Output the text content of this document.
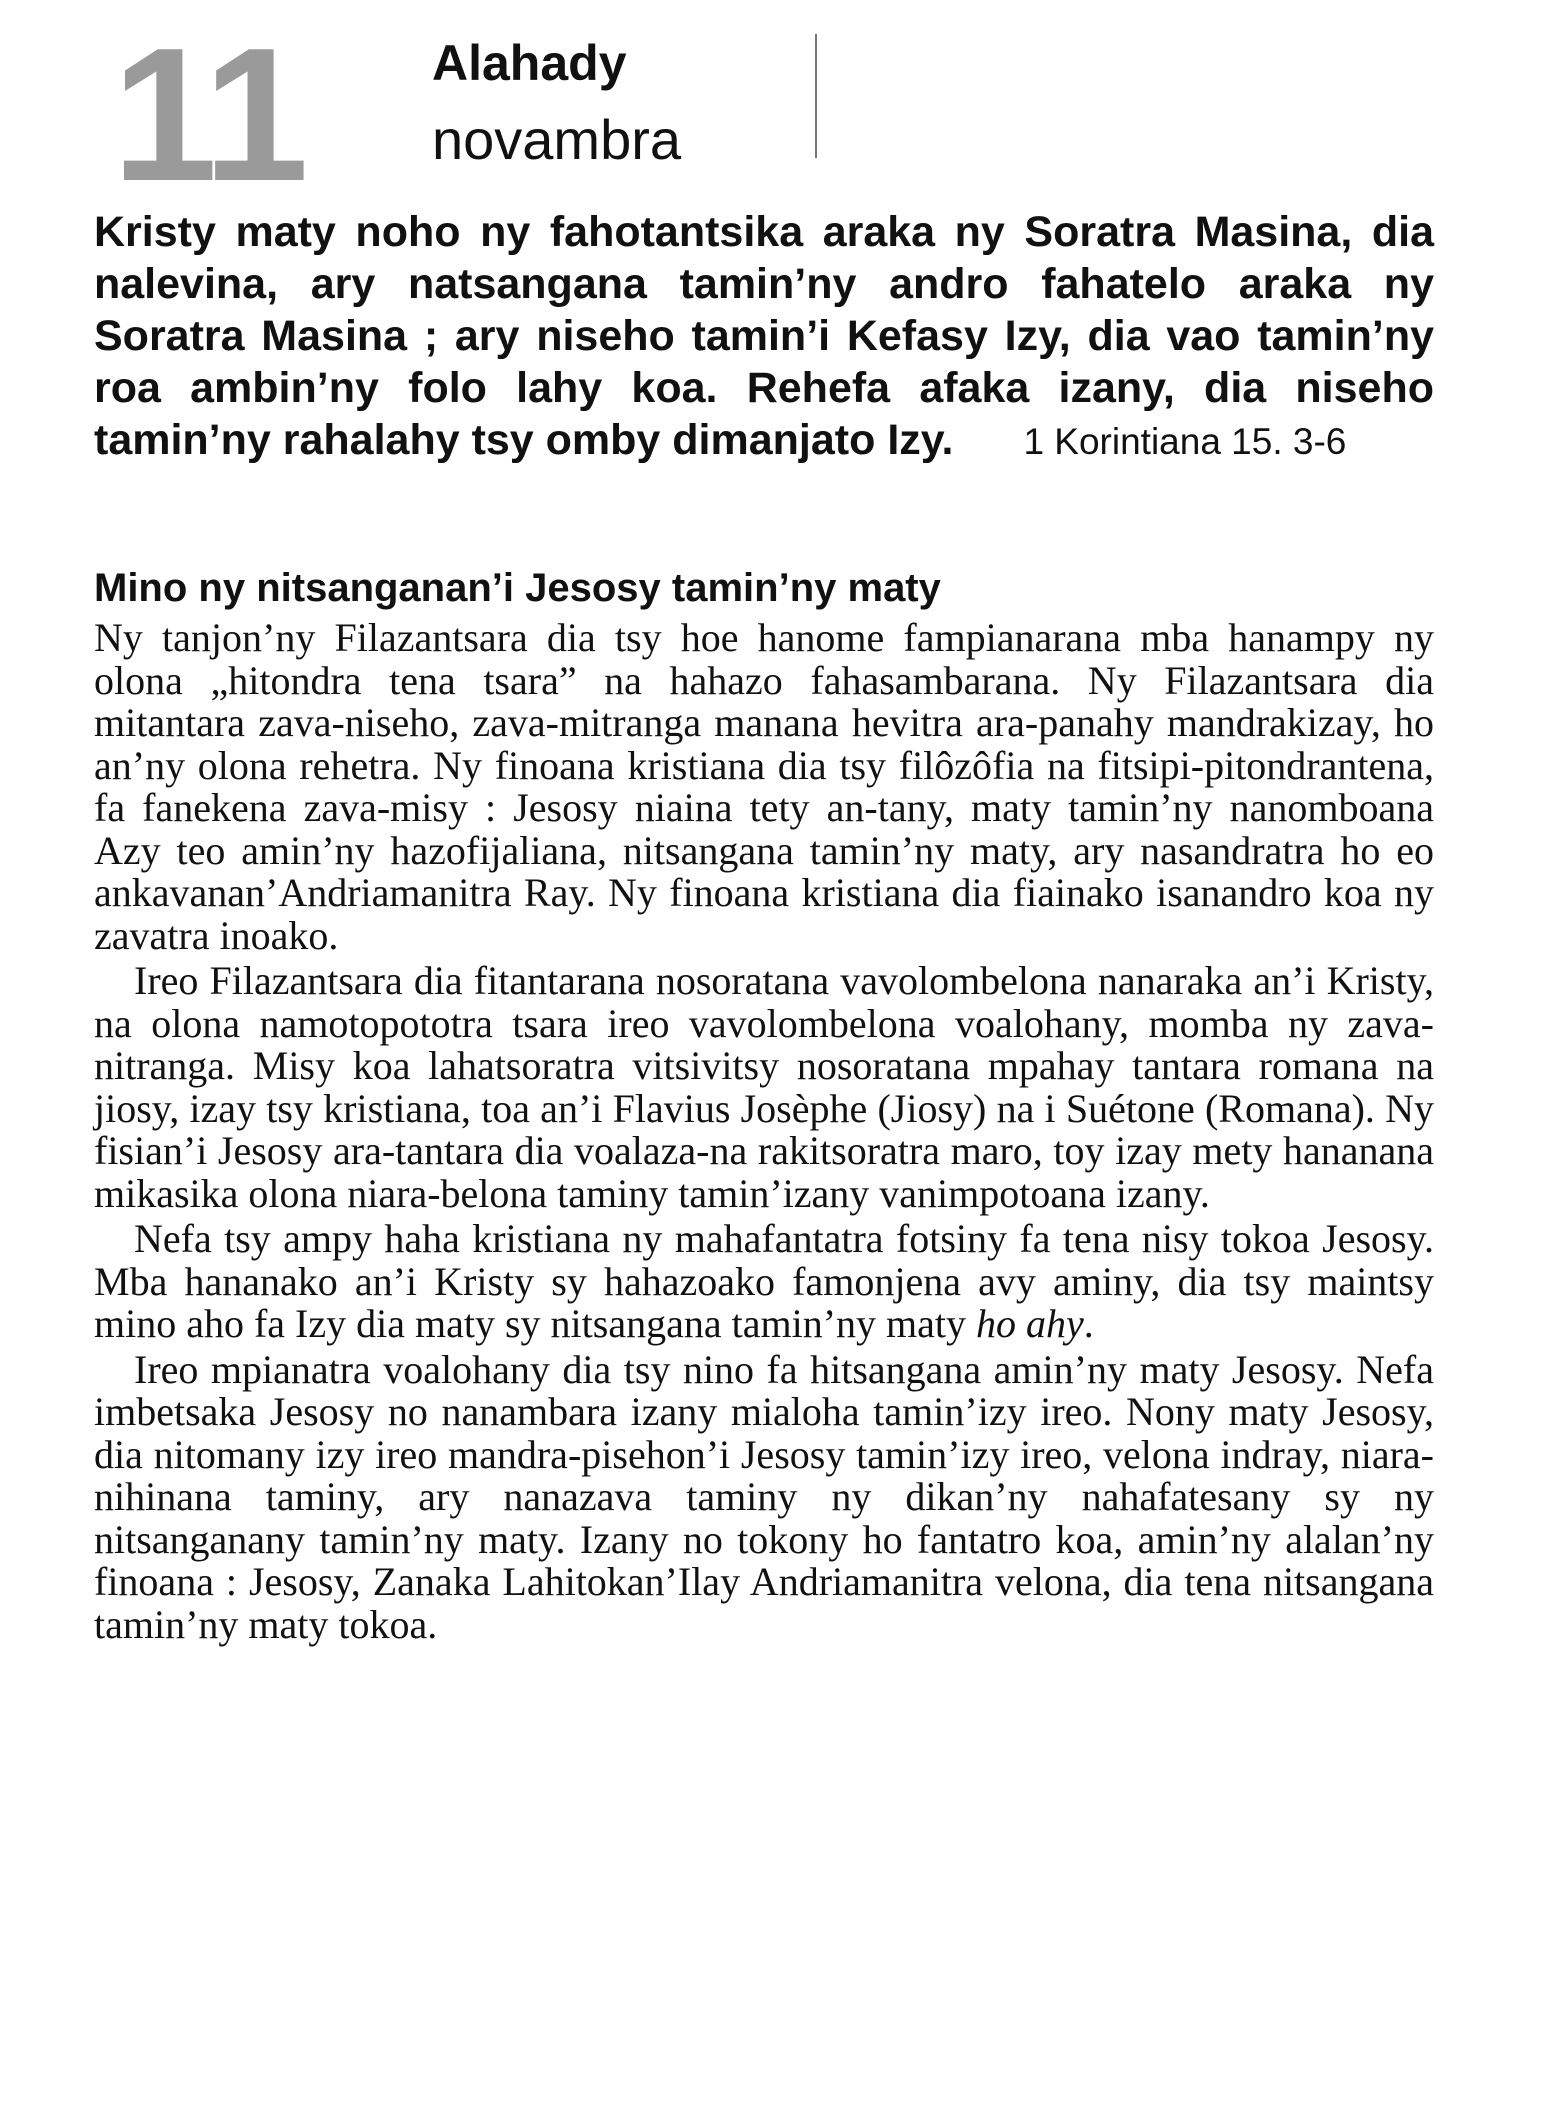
11	Alahady
novambra
Kristy maty noho ny fahotantsika araka ny Soratra Masina, dia nalevina, ary natsangana tamin’ny andro fahatelo araka ny Soratra Masina ; ary niseho tamin’i Kefasy Izy, dia vao tamin’ny roa ambin’ny folo lahy koa. Rehefa afaka izany, dia niseho tamin’ny rahalahy tsy omby dimanjato Izy. 1 Korintiana 15. 3-6
Mino ny nitsanganan’i Jesosy tamin’ny maty

Ny tanjon’ny Filazantsara dia tsy hoe hanome fampianarana mba hanampy ny olona „hitondra tena tsara” na hahazo fahasambarana. Ny Filazantsara dia mitantara zava-niseho, zava-mitranga manana hevitra ara-panahy mandrakizay, ho an’ny olona rehetra. Ny finoana kristiana dia tsy filôzôfia na fitsipi-pitondrantena, fa fanekena zava-misy : Jesosy niaina tety an-tany, maty tamin’ny nanomboana Azy teo amin’ny hazofijaliana, nitsangana tamin’ny maty, ary nasandratra ho eo ankavanan’Andriamanitra Ray. Ny finoana kristiana dia fiainako isanandro koa ny zavatra inoako.

Ireo Filazantsara dia fitantarana nosoratana vavolombelona nanaraka an’i Kristy, na olona namotopototra tsara ireo vavolombelona voalohany, momba ny zava-nitranga. Misy koa lahatsoratra vitsivitsy nosoratana mpahay tantara romana na jiosy, izay tsy kristiana, toa an’i Flavius Josèphe (Jiosy) na i Suétone (Romana). Ny fisian’i Jesosy ara-tantara dia voalaza-na rakitsoratra maro, toy izay mety hananana mikasika olona niara-belona taminy tamin’izany vanimpotoana izany.

Nefa tsy ampy haha kristiana ny mahafantatra fotsiny fa tena nisy tokoa Jesosy. Mba hananako an’i Kristy sy hahazoako famonjena avy aminy, dia tsy maintsy mino aho fa Izy dia maty sy nitsangana tamin’ny maty ho ahy.

Ireo mpianatra voalohany dia tsy nino fa hitsangana amin’ny maty Jesosy. Nefa imbetsaka Jesosy no nanambara izany mialoha tamin’izy ireo. Nony maty Jesosy, dia nitomany izy ireo mandra-pisehon’i Jesosy tamin’izy ireo, velona indray, niara-nihinana taminy, ary nanazava taminy ny dikan’ny nahafatesany sy ny nitsanganany tamin’ny maty. Izany no tokony ho fantatro koa, amin’ny alalan’ny finoana : Jesosy, Zanaka Lahitokan’Ilay Andriamanitra velona, dia tena nitsangana tamin’ny maty tokoa.
